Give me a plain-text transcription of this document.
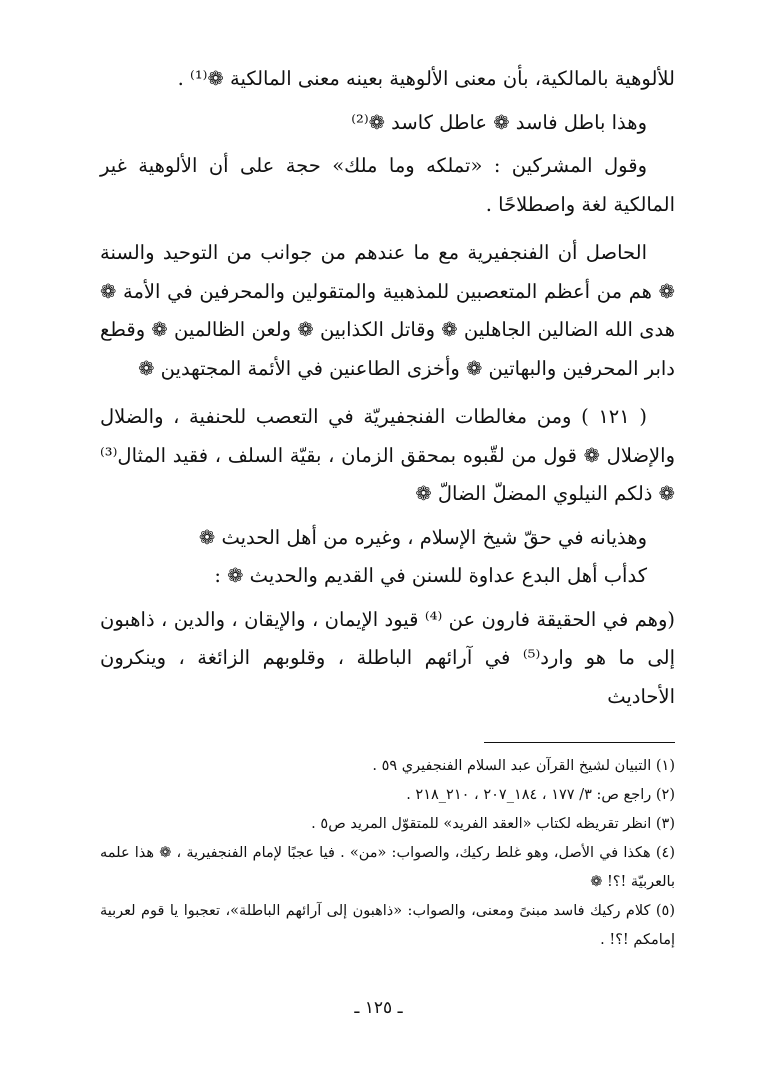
للألوهية بالمالكية، بأن معنى الألوهية بعينه معنى المالكية ❁⁽¹⁾ .

وهذا باطل فاسد ❁ عاطل كاسد ❁⁽²⁾

وقول المشركين : «تملكه وما ملك» حجة على أن الألوهية غير المالكية لغة واصطلاحًا .

الحاصل أن الفنجفيرية مع ما عندهم من جوانب من التوحيد والسنة ❁ هم من أعظم المتعصبين للمذهبية والمتقولين والمحرفين في الأمة ❁ هدى الله الضالين الجاهلين ❁ وقاتل الكذابين ❁ ولعن الظالمين ❁ وقطع دابر المحرفين والبهاتين ❁ وأخزى الطاعنين في الأئمة المجتهدين ❁

( ١٢١ ) ومن مغالطات الفنجفيريّة في التعصب للحنفية ، والضلال والإضلال ❁ قول من لقّبوه بمحقق الزمان ، بقيّة السلف ، فقيد المثال⁽³⁾ ❁ ذلكم النيلوي المضلّ الضالّ ❁

وهذيانه في حقّ شيخ الإسلام ، وغيره من أهل الحديث ❁

كدأب أهل البدع عداوة للسنن في القديم والحديث ❁ :

(وهم في الحقيقة فارون عن ⁽⁴⁾ قيود الإيمان ، والإيقان ، والدين ، ذاهبون إلى ما هو وارد⁽⁵⁾ في آرائهم الباطلة ، وقلوبهم الزائغة ، وينكرون الأحاديث

(١) التبيان لشيخ القرآن عبد السلام الفنجفيري ٥٩ .

(٢) راجع ص: ٣/ ١٧٧ ، ١٨٤_٢٠٧ ، ٢١٠_٢١٨ .

(٣) انظر تقريظه لكتاب «العقد الفريد» للمتقوّل المريد ص٥ .

(٤) هكذا في الأصل، وهو غلط ركيك، والصواب: «من» . فيا عجبًا لإمام الفنجفيرية ، ❁ هذا علمه بالعربيّة !؟! ❁

(٥) كلام ركيك فاسد مبنىً ومعنى، والصواب: «ذاهبون إلى آرائهم الباطلة»، تعجبوا يا قوم لعربية إمامكم !؟! .

ـ ١٢٥ ـ
